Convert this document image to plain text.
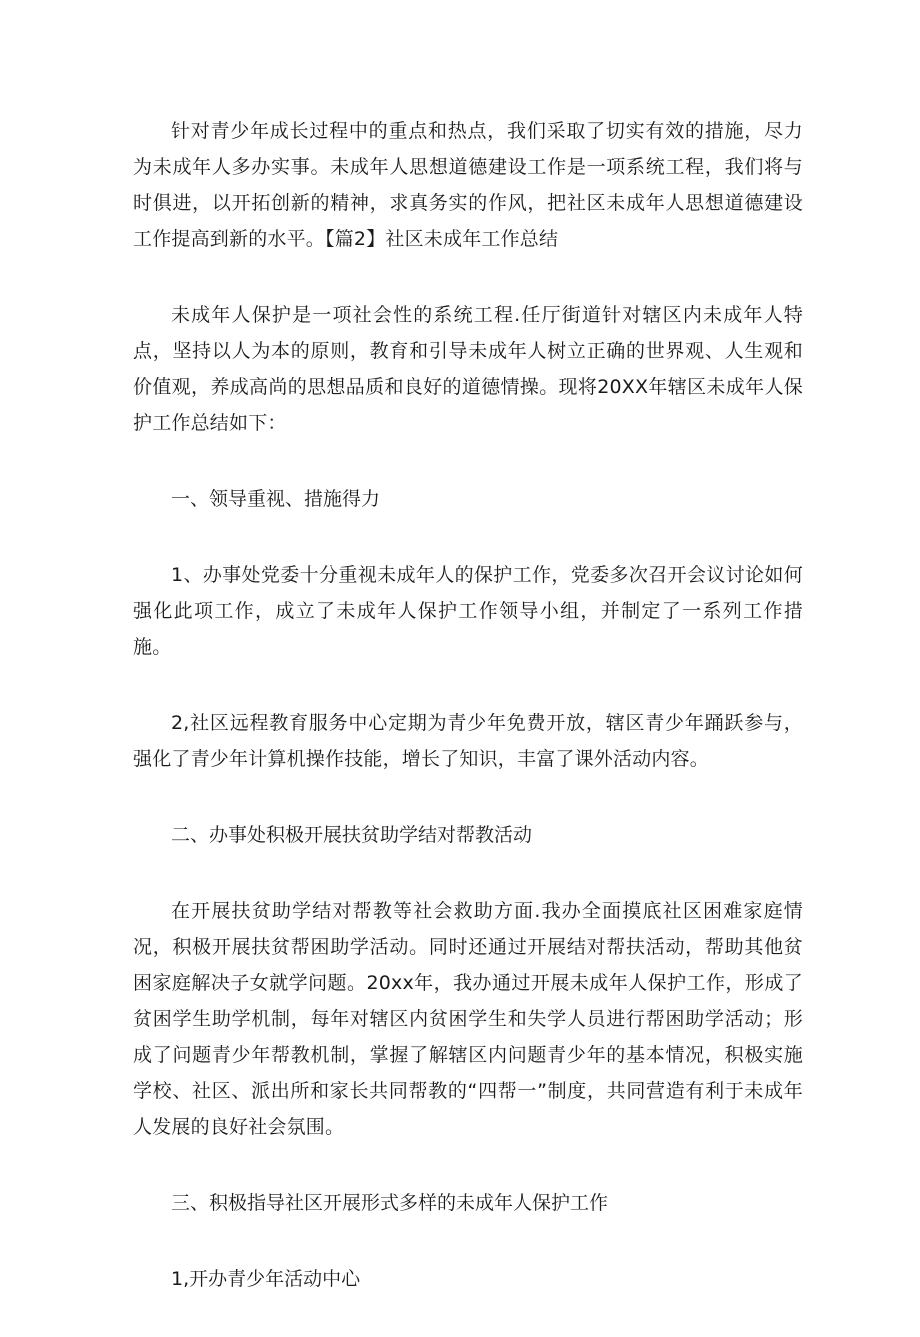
针对青少年成长过程中的重点和热点，我们采取了切实有效的措施，尽力为未成年人多办实事。未成年人思想道德建设工作是一项系统工程，我们将与时俱进，以开拓创新的精神，求真务实的作风，把社区未成年人思想道德建设工作提高到新的水平。【篇2】社区未成年工作总结

未成年人保护是一项社会性的系统工程.任厅街道针对辖区内未成年人特点，坚持以人为本的原则，教育和引导未成年人树立正确的世界观、人生观和价值观，养成高尚的思想品质和良好的道德情操。现将20XX年辖区未成年人保护工作总结如下：

一、领导重视、措施得力

1、办事处党委十分重视未成年人的保护工作，党委多次召开会议讨论如何强化此项工作，成立了未成年人保护工作领导小组，并制定了一系列工作措施。

2,社区远程教育服务中心定期为青少年免费开放，辖区青少年踊跃参与，强化了青少年计算机操作技能，增长了知识，丰富了课外活动内容。

二、办事处积极开展扶贫助学结对帮教活动

在开展扶贫助学结对帮教等社会救助方面.我办全面摸底社区困难家庭情况，积极开展扶贫帮困助学活动。同时还通过开展结对帮扶活动，帮助其他贫困家庭解决子女就学问题。20xx年，我办通过开展未成年人保护工作，形成了贫困学生助学机制，每年对辖区内贫困学生和失学人员进行帮困助学活动；形成了问题青少年帮教机制，掌握了解辖区内问题青少年的基本情况，积极实施学校、社区、派出所和家长共同帮教的“四帮一”制度，共同营造有利于未成年人发展的良好社会氛围。

三、积极指导社区开展形式多样的未成年人保护工作

1,开办青少年活动中心
